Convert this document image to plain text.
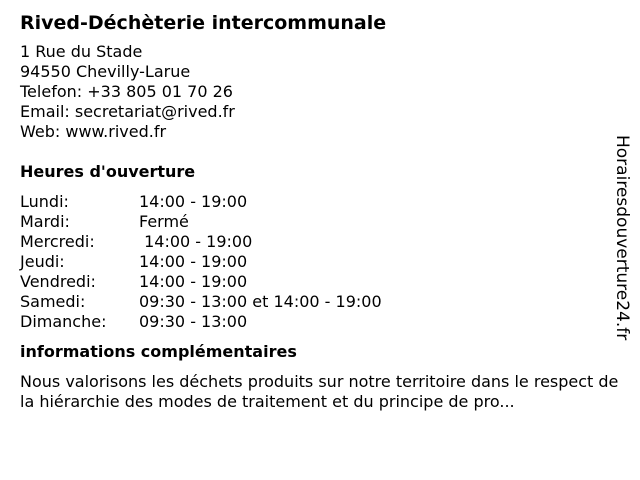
Rived-Déchèterie intercommunale
1 Rue du Stade
94550 Chevilly-Larue
Telefon: +33 805 01 70 26
Email: secretariat@rived.fr
Web: www.rived.fr
Heures d'ouverture
Lundi:	14:00 - 19:00
Mardi:	Fermé
Mercredi:	14:00 - 19:00
Jeudi:	14:00 - 19:00
Vendredi:	14:00 - 19:00
Samedi:	09:30 - 13:00 et 14:00 - 19:00
Dimanche:	09:30 - 13:00
informations complémentaires
Nous valorisons les déchets produits sur notre territoire dans le respect de la hiérarchie des modes de traitement et du principe de pro...
Horairesdouverture24.fr
